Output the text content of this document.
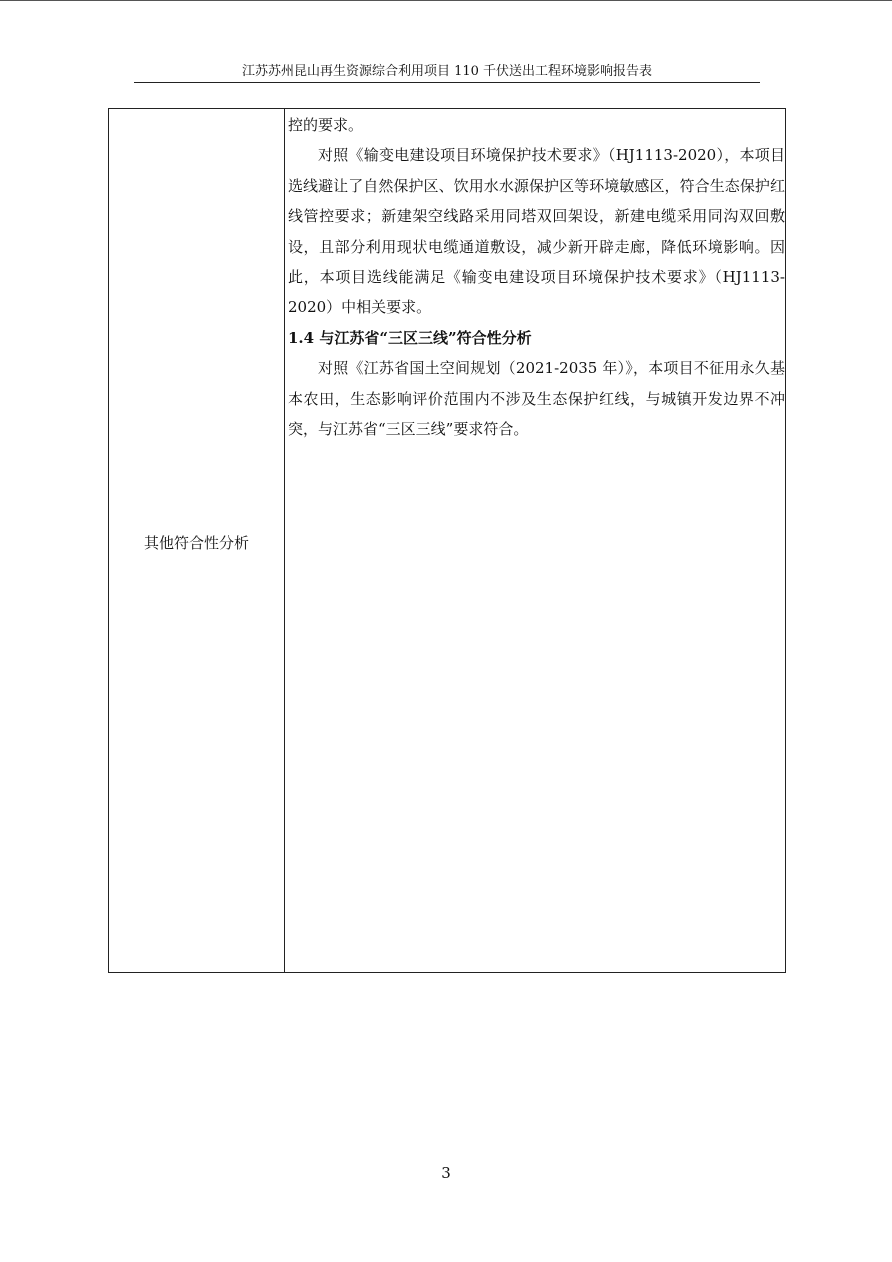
江苏苏州昆山再生资源综合利用项目 110 千伏送出工程环境影响报告表
其他符合性分析

控的要求。

对照《输变电建设项目环境保护技术要求》（HJ1113-2020），本项目选线避让了自然保护区、饮用水水源保护区等环境敏感区，符合生态保护红线管控要求；新建架空线路采用同塔双回架设，新建电缆采用同沟双回敷设，且部分利用现状电缆通道敷设，减少新开辟走廊，降低环境影响。因此，本项目选线能满足《输变电建设项目环境保护技术要求》（HJ1113-2020）中相关要求。

1.4 与江苏省“三区三线”符合性分析

对照《江苏省国土空间规划（2021-2035 年）》，本项目不征用永久基本农田，生态影响评价范围内不涉及生态保护红线，与城镇开发边界不冲突，与江苏省“三区三线”要求符合。

3
